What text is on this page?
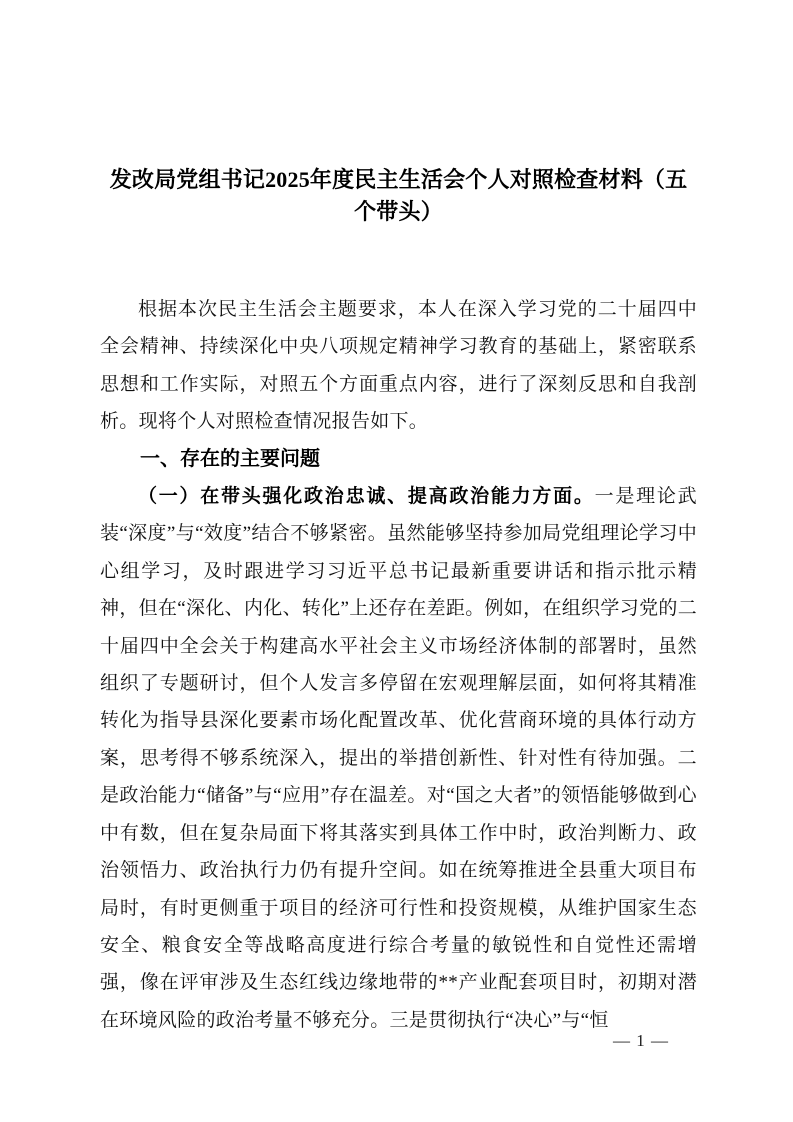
发改局党组书记2025年度民主生活会个人对照检查材料（五个带头）

根据本次民主生活会主题要求，本人在深入学习党的二十届四中全会精神、持续深化中央八项规定精神学习教育的基础上，紧密联系思想和工作实际，对照五个方面重点内容，进行了深刻反思和自我剖析。现将个人对照检查情况报告如下。

一、存在的主要问题

（一）在带头强化政治忠诚、提高政治能力方面。一是理论武装“深度”与“效度”结合不够紧密。虽然能够坚持参加局党组理论学习中心组学习，及时跟进学习习近平总书记最新重要讲话和指示批示精神，但在“深化、内化、转化”上还存在差距。例如，在组织学习党的二十届四中全会关于构建高水平社会主义市场经济体制的部署时，虽然组织了专题研讨，但个人发言多停留在宏观理解层面，如何将其精准转化为指导县深化要素市场化配置改革、优化营商环境的具体行动方案，思考得不够系统深入，提出的举措创新性、针对性有待加强。二是政治能力“储备”与“应用”存在温差。对“国之大者”的领悟能够做到心中有数，但在复杂局面下将其落实到具体工作中时，政治判断力、政治领悟力、政治执行力仍有提升空间。如在统筹推进全县重大项目布局时，有时更侧重于项目的经济可行性和投资规模，从维护国家生态安全、粮食安全等战略高度进行综合考量的敏锐性和自觉性还需增强，像在评审涉及生态红线边缘地带的**产业配套项目时，初期对潜在环境风险的政治考量不够充分。三是贯彻执行“决心”与“恒

— 1 —
